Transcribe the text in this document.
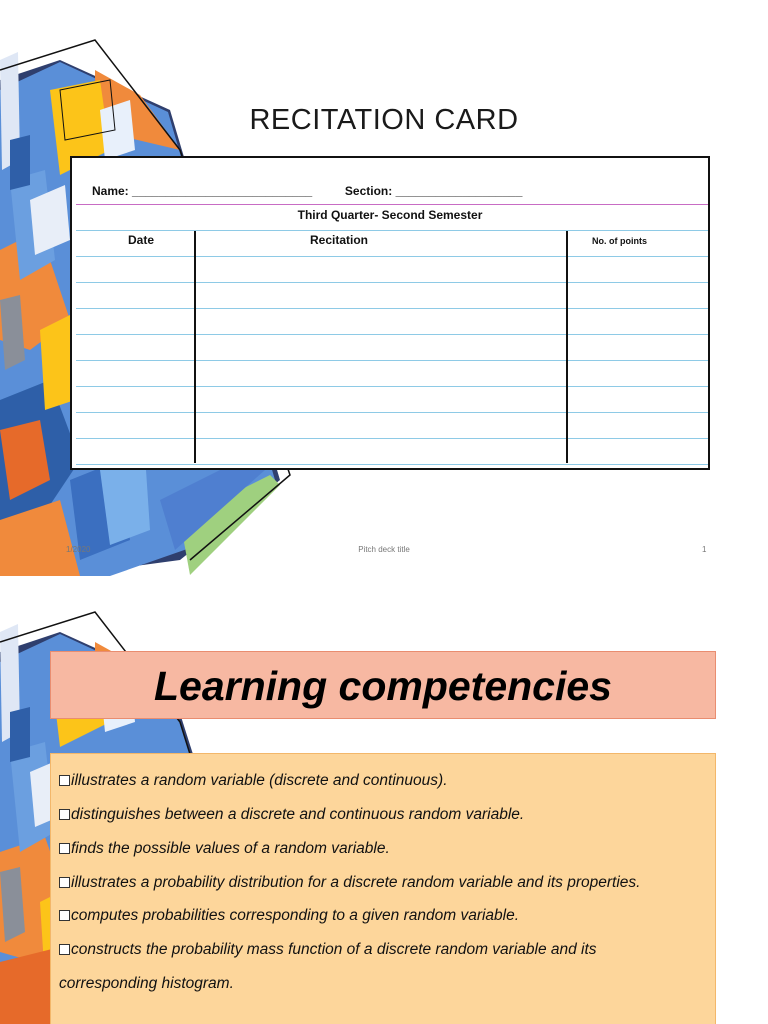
RECITATION CARD
Name: ___________________________	Section: ___________________
Third Quarter- Second Semester
Date	Recitation	No. of points
1/2020	Pitch deck title	1
Learning competencies
illustrates a random variable (discrete and continuous).
distinguishes between a discrete and continuous random variable.
finds the possible values of a random variable.
illustrates a probability distribution for a discrete random variable and its properties.
computes probabilities corresponding to a given random variable.
constructs the probability mass function of a discrete random variable and its
corresponding histogram.
